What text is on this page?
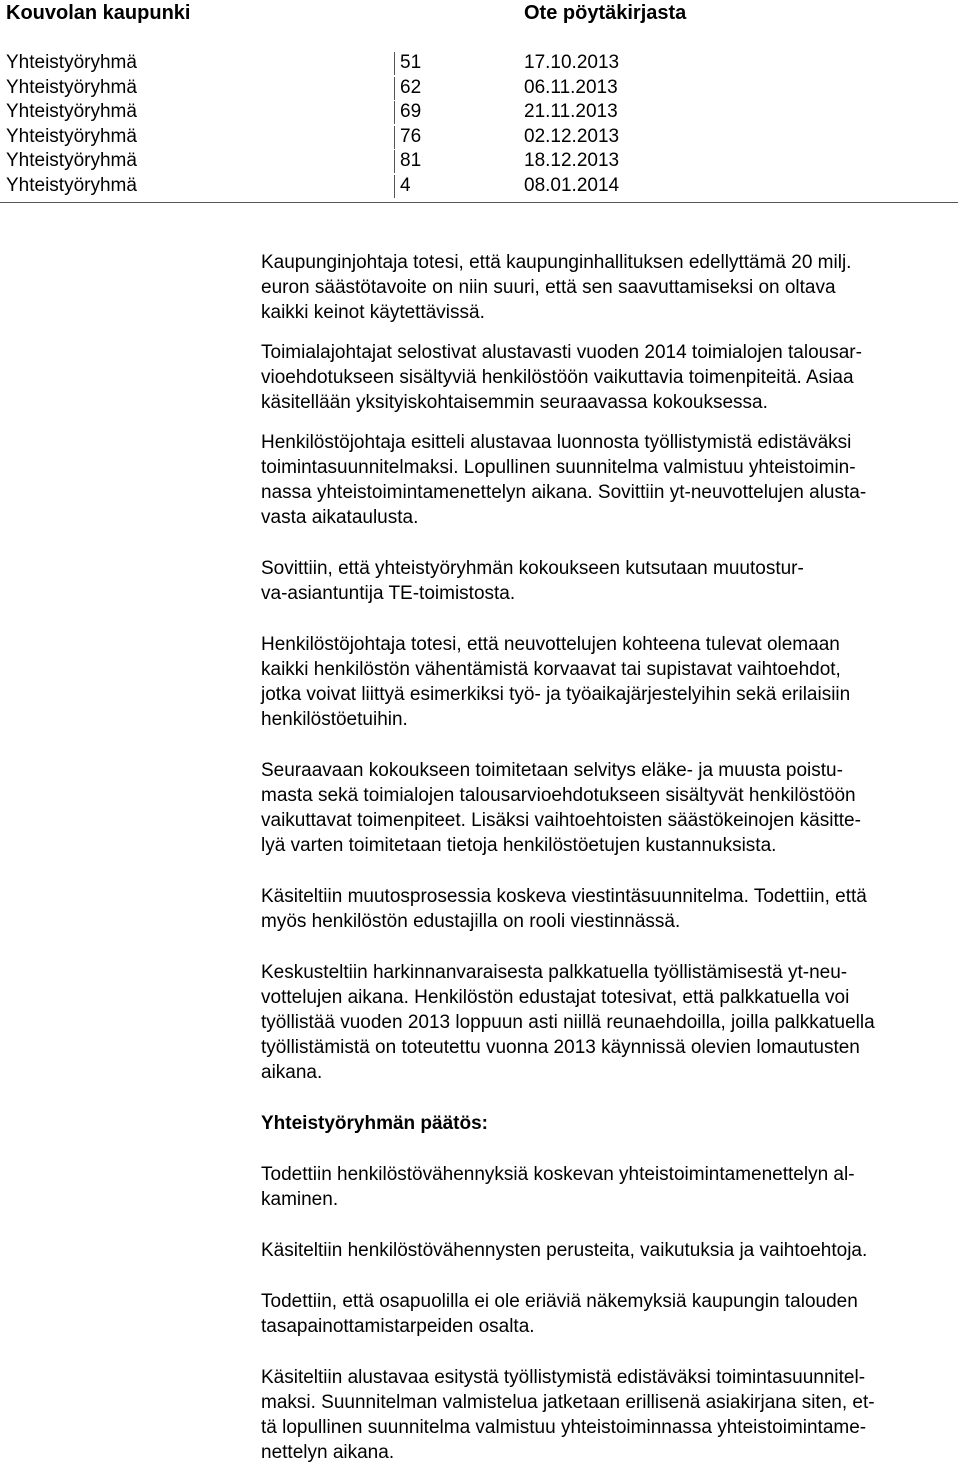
Kouvolan kaupunki	Ote pöytäkirjasta
Yhteistyöryhmä	51	17.10.2013
Yhteistyöryhmä	62	06.11.2013
Yhteistyöryhmä	69	21.11.2013
Yhteistyöryhmä	76	02.12.2013
Yhteistyöryhmä	81	18.12.2013
Yhteistyöryhmä	4	08.01.2014

Kaupunginjohtaja totesi, että kaupunginhallituksen edellyttämä 20 milj.
euron säästötavoite on niin suuri, että sen saavuttamiseksi on oltava
kaikki keinot käytettävissä.

Toimialajohtajat selostivat alustavasti vuoden 2014 toimialojen talousar-
vioehdotukseen sisältyviä henkilöstöön vaikuttavia toimenpiteitä. Asiaa
käsitellään yksityiskohtaisemmin seuraavassa kokouksessa.

Henkilöstöjohtaja esitteli alustavaa luonnosta työllistymistä edistäväksi
toimintasuunnitelmaksi. Lopullinen suunnitelma valmistuu yhteistoimin-
nassa yhteistoimintamenettelyn aikana. Sovittiin yt-neuvottelujen alusta-
vasta aikataulusta.

Sovittiin, että yhteistyöryhmän kokoukseen kutsutaan muutostur-
va-asiantuntija TE-toimistosta.

Henkilöstöjohtaja totesi, että neuvottelujen kohteena tulevat olemaan
kaikki henkilöstön vähentämistä korvaavat tai supistavat vaihtoehdot,
jotka voivat liittyä esimerkiksi työ- ja työaikajärjestelyihin sekä erilaisiin
henkilöstöetuihin.

Seuraavaan kokoukseen toimitetaan selvitys eläke- ja muusta poistu-
masta sekä toimialojen talousarvioehdotukseen sisältyvät henkilöstöön
vaikuttavat toimenpiteet. Lisäksi vaihtoehtoisten säästökeinojen käsitte-
lyä varten toimitetaan tietoja henkilöstöetujen kustannuksista.

Käsiteltiin muutosprosessia koskeva viestintäsuunnitelma. Todettiin, että
myös henkilöstön edustajilla on rooli viestinnässä.

Keskusteltiin harkinnanvaraisesta palkkatuella työllistämisestä yt-neu-
vottelujen aikana. Henkilöstön edustajat totesivat, että palkkatuella voi
työllistää vuoden 2013 loppuun asti niillä reunaehdoilla, joilla palkkatuella
työllistämistä on toteutettu vuonna 2013 käynnissä olevien lomautusten
aikana.

Yhteistyöryhmän päätös:

Todettiin henkilöstövähennyksiä koskevan yhteistoimintamenettelyn al-
kaminen.

Käsiteltiin henkilöstövähennysten perusteita, vaikutuksia ja vaihtoehtoja.

Todettiin, että osapuolilla ei ole eriäviä näkemyksiä kaupungin talouden
tasapainottamistarpeiden osalta.

Käsiteltiin alustavaa esitystä työllistymistä edistäväksi toimintasuunnitel-
maksi. Suunnitelman valmistelua jatketaan erillisenä asiakirjana siten, et-
tä lopullinen suunnitelma valmistuu yhteistoiminnassa yhteistoimintame-
nettelyn aikana.
